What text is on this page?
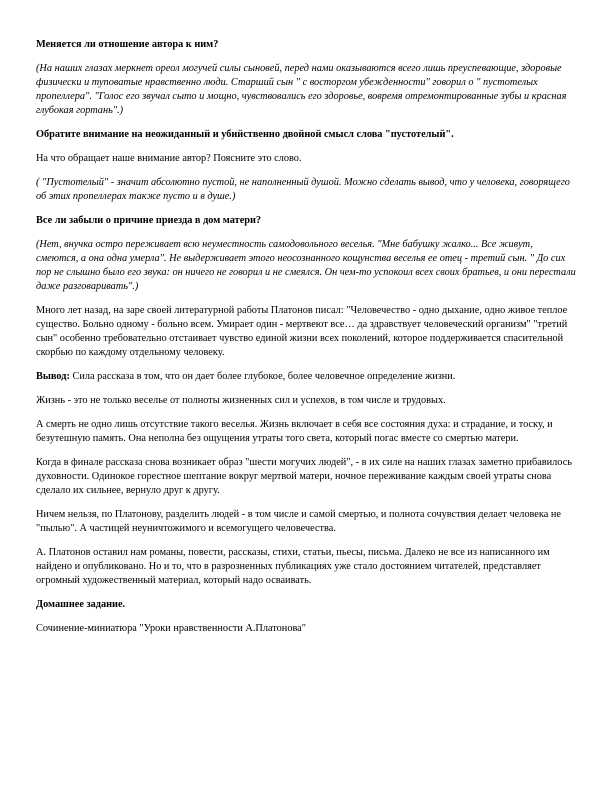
Меняется ли отношение автора к ним?

(На наших глазах меркнет ореол могучей силы сыновей, перед нами оказываются всего лишь преуспевающие, здоровые физически и туповатые нравственно люди. Старший сын " с восторгом убежденности" говорил о " пустотелых пропеллера". "Голос его звучал сыто и мощно, чувствовались его здоровье, вовремя отремонтированные зубы и красная глубокая гортань".)

Обратите внимание на неожиданный и убийственно двойной смысл слова "пустотелый".

На что обращает наше внимание автор? Поясните это слово.

( "Пустотелый" - значит абсолютно пустой, не наполненный душой. Можно сделать вывод, что у человека, говорящего об этих пропеллерах также пусто и в душе.)

Все ли забыли о причине приезда в дом матери?

(Нет, внучка остро переживает всю неуместность самодовольного веселья. "Мне бабушку жалко... Все живут, смеются, а она одна умерла". Не выдерживает этого неосознанного кощунства веселья ее отец - третий сын. " До сих пор не слышно было его звука: он ничего не говорил и не смеялся. Он чем-то успокоил всех своих братьев, и они перестали даже разговаривать".)

Много лет назад, на заре своей литературной работы Платонов писал: "Человечество - одно дыхание, одно живое теплое существо. Больно одному - больно всем. Умирает один - мертвеют все… да здравствует человеческий организм" "третий сын" особенно требовательно отстаивает чувство единой жизни всех поколений, которое поддерживается спасительной скорбью по каждому отдельному человеку.

Вывод: Сила рассказа в том, что он дает более глубокое, более человечное определение жизни.

Жизнь - это не только веселье от полноты жизненных сил и успехов, в том числе и трудовых.

А смерть не одно лишь отсутствие такого веселья. Жизнь включает в себя все состояния духа: и страдание, и тоску, и безутешную память. Она неполна без ощущения утраты того света, который погас вместе со смертью матери.

Когда в финале рассказа снова возникает образ "шести могучих людей", - в их силе на наших глазах заметно прибавилось духовности. Одинокое горестное шептание вокруг мертвой матери, ночное переживание каждым своей утраты снова сделало их сильнее, вернуло друг к другу.

Ничем нельзя, по Платонову, разделить людей - в том числе и самой смертью, и полнота сочувствия делает человека не "пылью". А частицей неуничтожимого и всемогущего человечества.

А. Платонов оставил нам романы, повести, рассказы, стихи, статьи, пьесы, письма. Далеко не все из написанного им найдено и опубликовано. Но и то, что в разрозненных публикациях уже стало достоянием читателей, представляет огромный художественный материал, который надо осваивать.

Домашнее задание.

Сочинение-миниатюра "Уроки нравственности А.Платонова"
